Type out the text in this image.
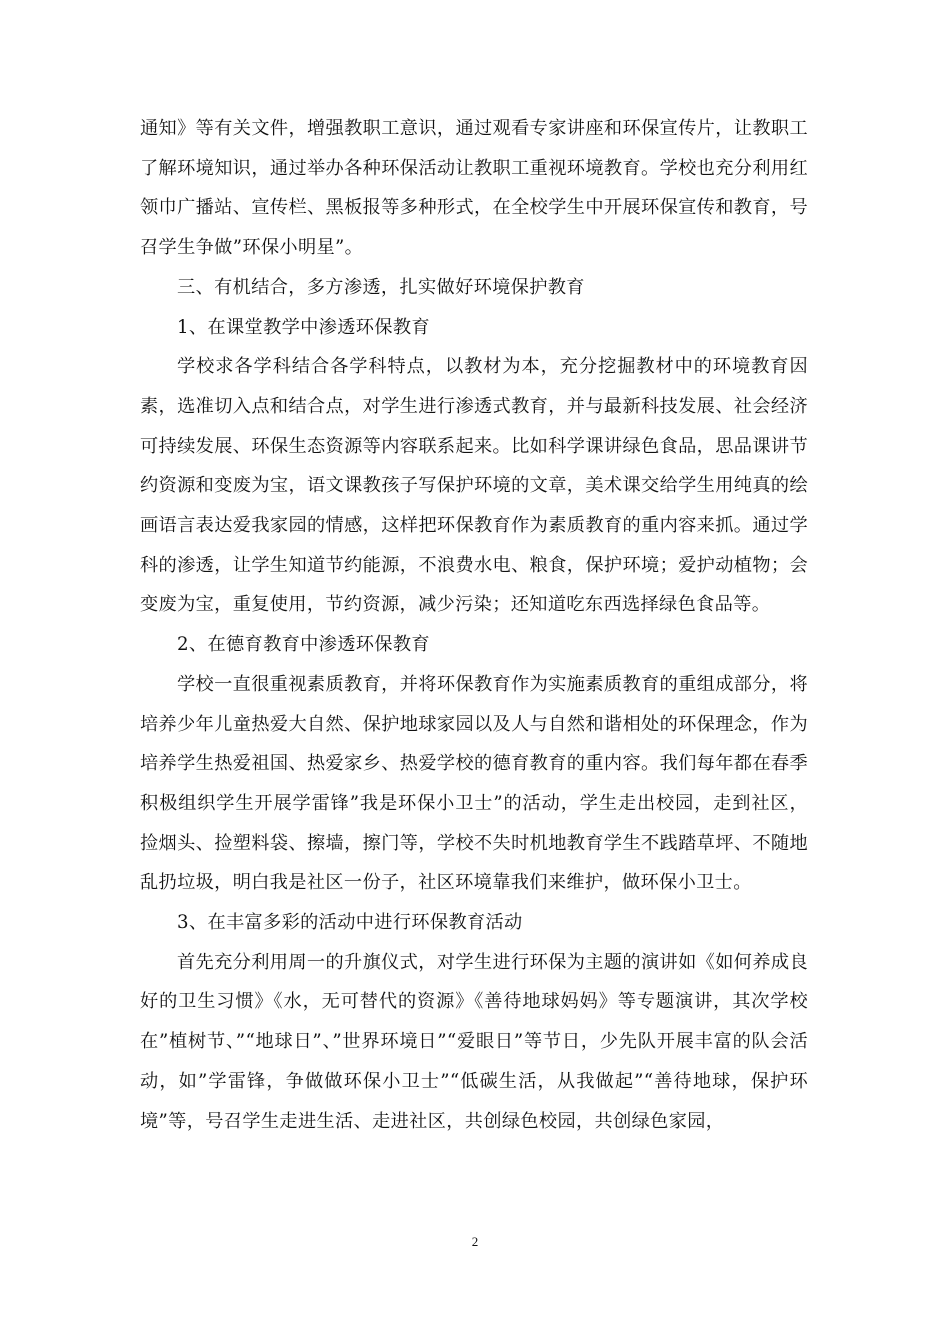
通知》等有关文件，增强教职工意识，通过观看专家讲座和环保宣传片，让教职工了解环境知识，通过举办各种环保活动让教职工重视环境教育。学校也充分利用红领巾广播站、宣传栏、黑板报等多种形式，在全校学生中开展环保宣传和教育，号召学生争做”环保小明星”。

三、有机结合，多方渗透，扎实做好环境保护教育

1、在课堂教学中渗透环保教育

学校求各学科结合各学科特点，以教材为本，充分挖掘教材中的环境教育因素，选准切入点和结合点，对学生进行渗透式教育，并与最新科技发展、社会经济可持续发展、环保生态资源等内容联系起来。比如科学课讲绿色食品，思品课讲节约资源和变废为宝，语文课教孩子写保护环境的文章，美术课交给学生用纯真的绘画语言表达爱我家园的情感，这样把环保教育作为素质教育的重内容来抓。通过学科的渗透，让学生知道节约能源，不浪费水电、粮食，保护环境；爱护动植物；会变废为宝，重复使用，节约资源，减少污染；还知道吃东西选择绿色食品等。

2、在德育教育中渗透环保教育

学校一直很重视素质教育，并将环保教育作为实施素质教育的重组成部分，将培养少年儿童热爱大自然、保护地球家园以及人与自然和谐相处的环保理念，作为培养学生热爱祖国、热爱家乡、热爱学校的德育教育的重内容。我们每年都在春季积极组织学生开展学雷锋”我是环保小卫士”的活动，学生走出校园，走到社区，捡烟头、捡塑料袋、擦墙，擦门等，学校不失时机地教育学生不践踏草坪、不随地乱扔垃圾，明白我是社区一份子，社区环境靠我们来维护，做环保小卫士。

3、在丰富多彩的活动中进行环保教育活动

首先充分利用周一的升旗仪式，对学生进行环保为主题的演讲如《如何养成良好的卫生习惯》《水，无可替代的资源》《善待地球妈妈》等专题演讲，其次学校在”植树节、”“地球日”、”世界环境日”“爱眼日”等节日，少先队开展丰富的队会活动，如”学雷锋，争做做环保小卫士”“低碳生活，从我做起”“善待地球，保护环境”等，号召学生走进生活、走进社区，共创绿色校园，共创绿色家园，

2
